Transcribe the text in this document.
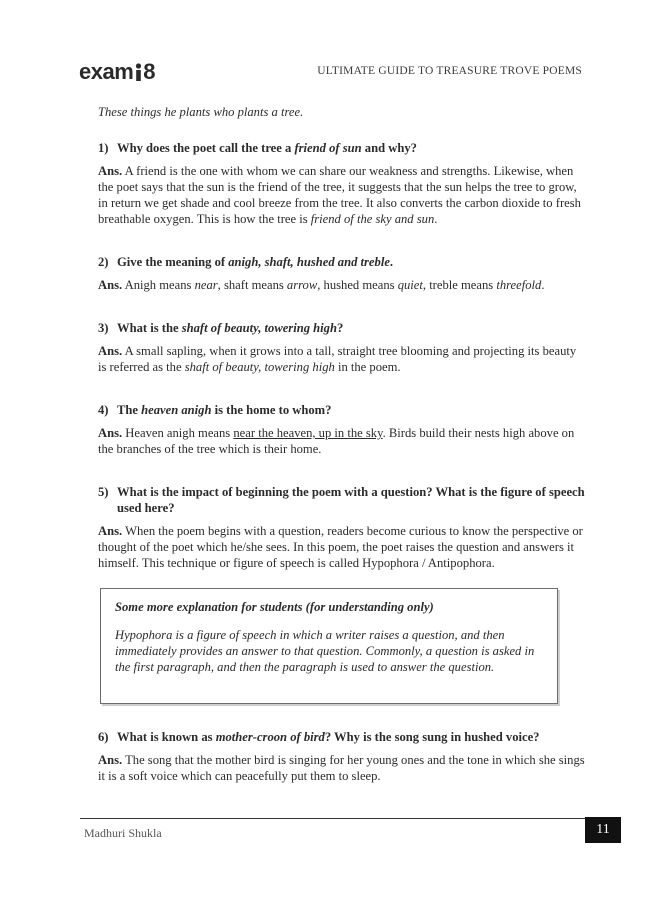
exam 8	ULTIMATE GUIDE TO TREASURE TROVE POEMS

These things he plants who plants a tree.

1) Why does the poet call the tree a friend of sun and why?
Ans. A friend is the one with whom we can share our weakness and strengths. Likewise, when the poet says that the sun is the friend of the tree, it suggests that the sun helps the tree to grow, in return we get shade and cool breeze from the tree. It also converts the carbon dioxide to fresh breathable oxygen. This is how the tree is friend of the sky and sun.
2) Give the meaning of anigh, shaft, hushed and treble.
Ans. Anigh means near, shaft means arrow, hushed means quiet, treble means threefold.
3) What is the shaft of beauty, towering high?
Ans. A small sapling, when it grows into a tall, straight tree blooming and projecting its beauty is referred as the shaft of beauty, towering high in the poem.
4) The heaven anigh is the home to whom?
Ans. Heaven anigh means near the heaven, up in the sky. Birds build their nests high above on the branches of the tree which is their home.
5) What is the impact of beginning the poem with a question? What is the figure of speech used here?
Ans. When the poem begins with a question, readers become curious to know the perspective or thought of the poet which he/she sees. In this poem, the poet raises the question and answers it himself. This technique or figure of speech is called Hypophora / Antipophora.
Some more explanation for students (for understanding only)
Hypophora is a figure of speech in which a writer raises a question, and then immediately provides an answer to that question. Commonly, a question is asked in the first paragraph, and then the paragraph is used to answer the question.
6) What is known as mother-croon of bird? Why is the song sung in hushed voice?
Ans. The song that the mother bird is singing for her young ones and the tone in which she sings it is a soft voice which can peacefully put them to sleep.
Madhuri Shukla	11
